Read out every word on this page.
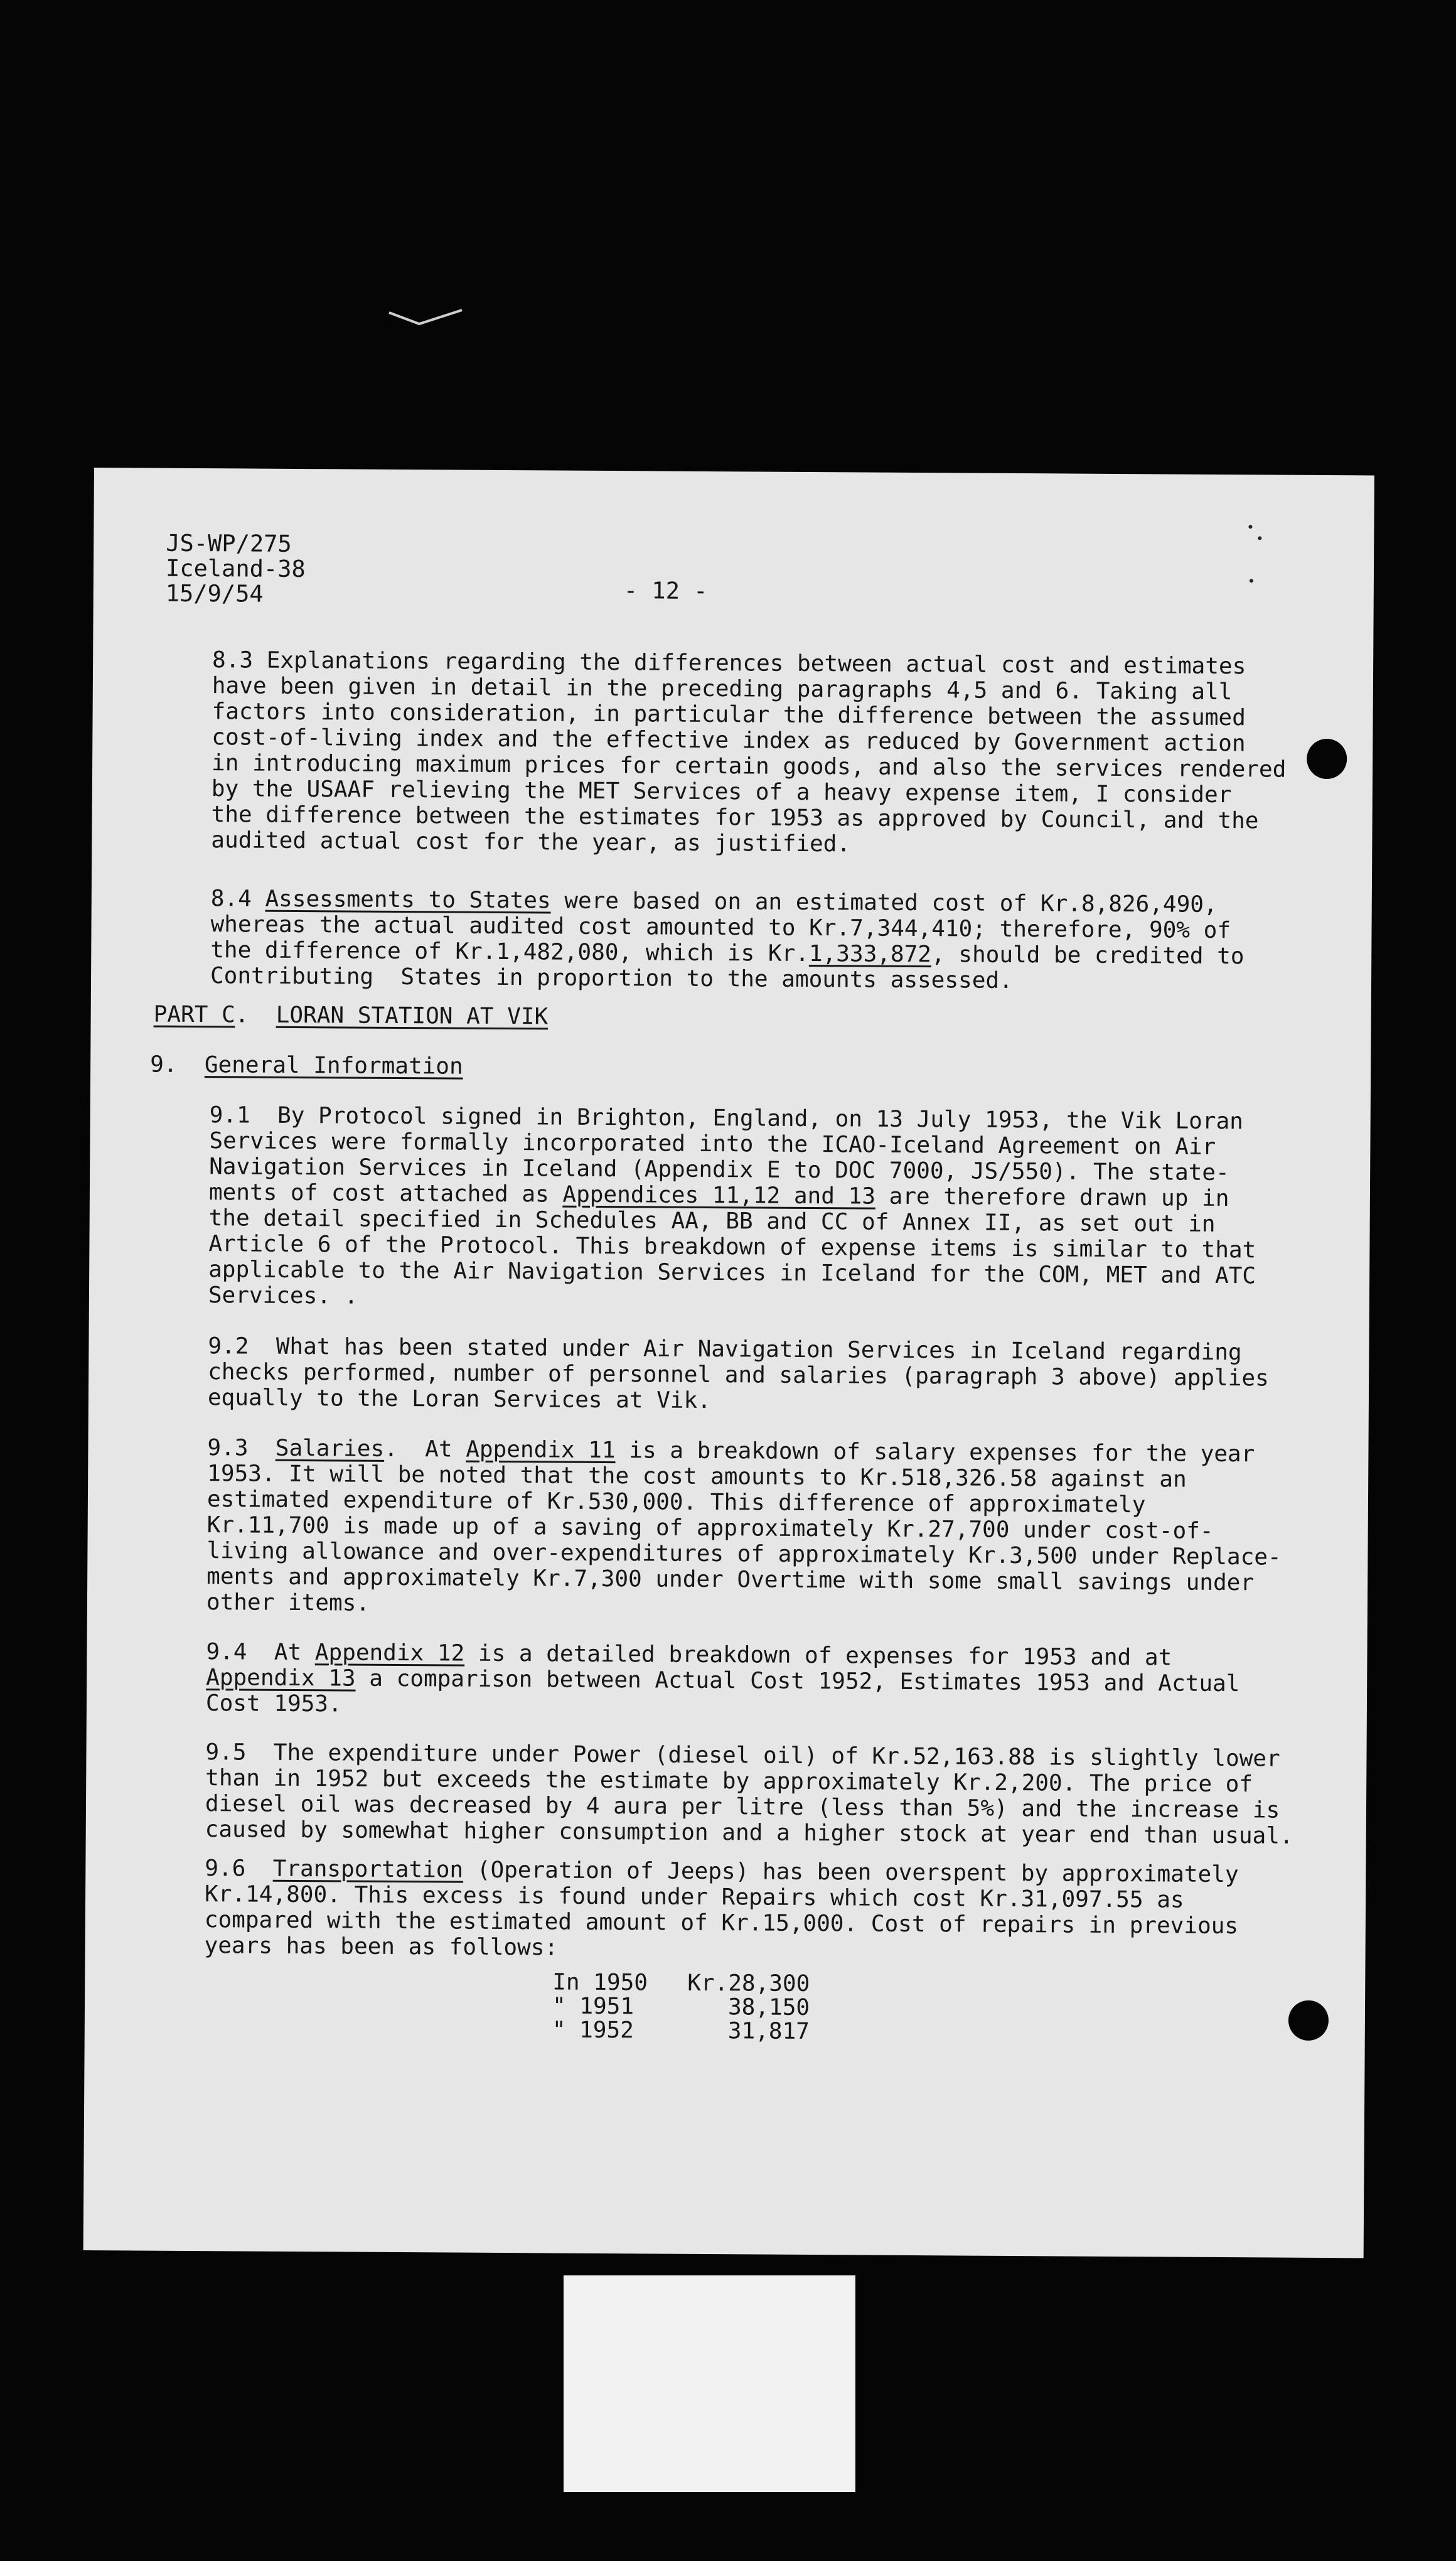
JS-WP/275
Iceland-38
15/9/54	- 12 -
8.3 Explanations regarding the differences between actual cost and estimates
have been given in detail in the preceding paragraphs 4,5 and 6. Taking all
factors into consideration, in particular the difference between the assumed
cost-of-living index and the effective index as reduced by Government action
in introducing maximum prices for certain goods, and also the services rendered
by the USAAF relieving the MET Services of a heavy expense item, I consider
the difference between the estimates for 1953 as approved by Council, and the
audited actual cost for the year, as justified.
8.4 Assessments to States were based on an estimated cost of Kr.8,826,490,
whereas the actual audited cost amounted to Kr.7,344,410; therefore, 90% of
the difference of Kr.1,482,080, which is Kr.1,333,872, should be credited to
Contributing  States in proportion to the amounts assessed.
PART C.  LORAN STATION AT VIK
9. General Information
9.1  By Protocol signed in Brighton, England, on 13 July 1953, the Vik Loran
Services were formally incorporated into the ICAO-Iceland Agreement on Air
Navigation Services in Iceland (Appendix E to DOC 7000, JS/550). The state-
ments of cost attached as Appendices 11,12 and 13 are therefore drawn up in
the detail specified in Schedules AA, BB and CC of Annex II, as set out in
Article 6 of the Protocol. This breakdown of expense items is similar to that
applicable to the Air Navigation Services in Iceland for the COM, MET and ATC
Services. .
9.2  What has been stated under Air Navigation Services in Iceland regarding
checks performed, number of personnel and salaries (paragraph 3 above) applies
equally to the Loran Services at Vik.
9.3  Salaries.  At Appendix 11 is a breakdown of salary expenses for the year
1953. It will be noted that the cost amounts to Kr.518,326.58 against an
estimated expenditure of Kr.530,000. This difference of approximately
Kr.11,700 is made up of a saving of approximately Kr.27,700 under cost-of-
living allowance and over-expenditures of approximately Kr.3,500 under Replace-
ments and approximately Kr.7,300 under Overtime with some small savings under
other items.
9.4  At Appendix 12 is a detailed breakdown of expenses for 1953 and at
Appendix 13 a comparison between Actual Cost 1952, Estimates 1953 and Actual
Cost 1953.
9.5  The expenditure under Power (diesel oil) of Kr.52,163.88 is slightly lower
than in 1952 but exceeds the estimate by approximately Kr.2,200. The price of
diesel oil was decreased by 4 aura per litre (less than 5%) and the increase is
caused by somewhat higher consumption and a higher stock at year end than usual.
9.6  Transportation (Operation of Jeeps) has been overspent by approximately
Kr.14,800. This excess is found under Repairs which cost Kr.31,097.55 as
compared with the estimated amount of Kr.15,000. Cost of repairs in previous
years has been as follows:
In 1950	Kr.28,300
" 1951	38,150
" 1952	31,817
